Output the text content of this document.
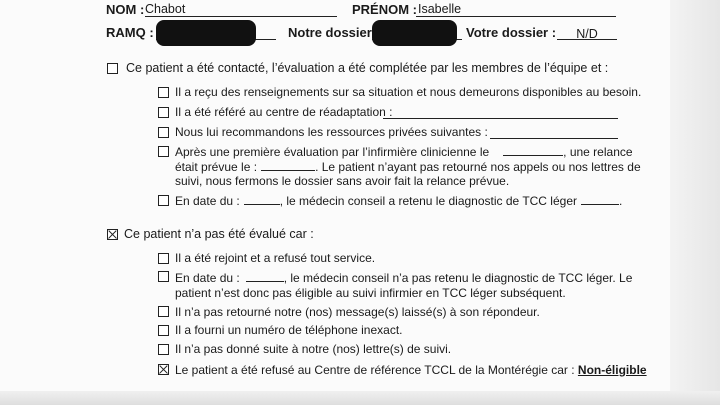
NOM : Chabot	PRÉNOM : Isabelle
RAMQ :	Notre dossier	Votre dossier :	N/D
Ce patient a été contacté, l’évaluation a été complétée par les membres de l’équipe et :
Il a reçu des renseignements sur sa situation et nous demeurons disponibles au besoin.
Il a été référé au centre de réadaptation :
Nous lui recommandons les ressources privées suivantes :
Après une première évaluation par l’infirmière clinicienne le	, une relance
était prévue le :	. Le patient n’ayant pas retourné nos appels ou nos lettres de
suivi, nous fermons le dossier sans avoir fait la relance prévue.
En date du :	, le médecin conseil a retenu le diagnostic de TCC léger	.
Ce patient n’a pas été évalué car :
Il a été rejoint et a refusé tout service.
En date du :	, le médecin conseil n’a pas retenu le diagnostic de TCC léger. Le
patient n’est donc pas éligible au suivi infirmier en TCC léger subséquent.
Il n’a pas retourné notre (nos) message(s) laissé(s) à son répondeur.
Il a fourni un numéro de téléphone inexact.
Il n’a pas donné suite à notre (nos) lettre(s) de suivi.
Le patient a été refusé au Centre de référence TCCL de la Montérégie car : Non-éligible
